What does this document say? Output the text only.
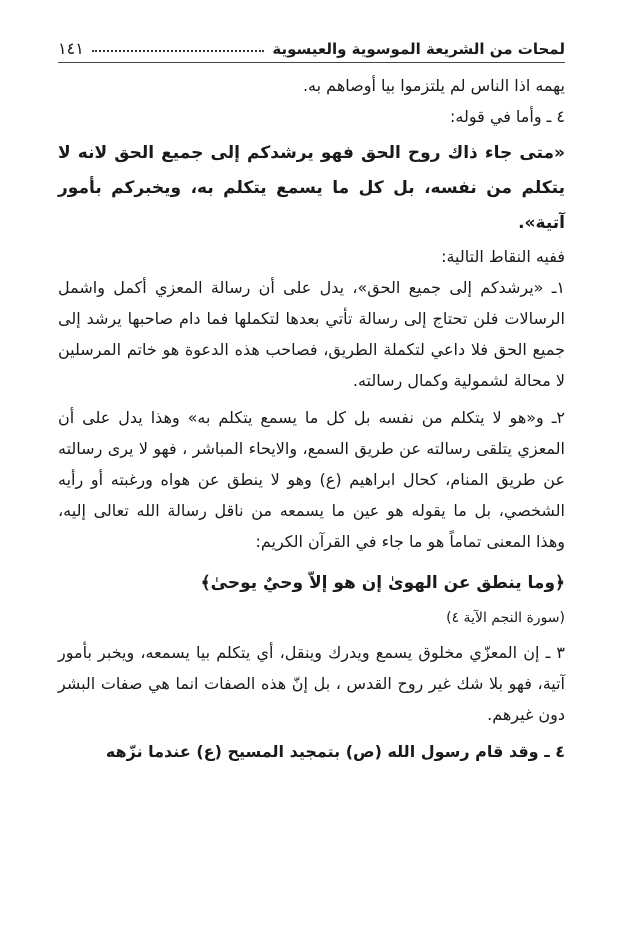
لمحات من الشريعة الموسوية والعيسوية
١٤١

يهمه اذا الناس لم يلتزموا بيا أوصاهم به.

٤ ـ وأما في قوله:

«متى جاء ذاك روح الحق فهو يرشدكم إلى جميع الحق لانه لا يتكلم من نفسه، بل كل ما يسمع يتكلم به، ويخبركم بأمور آتية».

ففيه النقاط التالية:

١ـ «يرشدكم إلى جميع الحق»، يدل على أن رسالة المعزي أكمل واشمل الرسالات فلن تحتاج إلى رسالة تأتي بعدها لتكملها فما دام صاحبها يرشد إلى جميع الحق فلا داعي لتكملة الطريق، فصاحب هذه الدعوة هو خاتم المرسلين لا محالة لشمولية وكمال رسالته.

٢ـ و«هو لا يتكلم من نفسه بل كل ما يسمع يتكلم به» وهذا يدل على أن المعزي يتلقى رسالته عن طريق السمع، والايحاء المباشر ، فهو لا يرى رسالته عن طريق المنام، كحال ابراهيم (ع) وهو لا ينطق عن هواه ورغبته أو رأيه الشخصي، بل ما يقوله هو عين ما يسمعه من ناقل رسالة الله تعالى إليه، وهذا المعنى تماماً هو ما جاء في القرآن الكريم:

﴿وما ينطق عن الهوىٰ إن هو إلاّ وحيٌ يوحىٰ﴾

(سورة النجم الآية ٤)

٣ ـ إن المعزّي مخلوق يسمع ويدرك وينقل، أي يتكلم بيا يسمعه، ويخبر بأمور آتية، فهو بلا شك غير روح القدس ، بل إنّ هذه الصفات انما هي صفات البشر دون غيرهم.

٤ ـ وقد قام رسول الله (ص) بتمجيد المسيح (ع) عندما نزّهه
